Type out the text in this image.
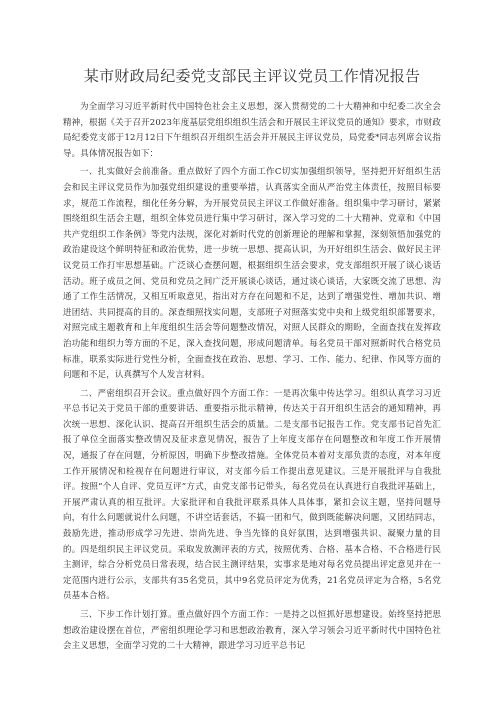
某市财政局纪委党支部民主评议党员工作情况报告

为全面学习习近平新时代中国特色社会主义思想，深入贯彻党的二十大精神和中纪委二次全会精神，根据《关于召开2023年度基层党组织组织生活会和开展民主评议党员的通知》要求，市财政局纪委党支部于12月12日下午组织召开组织生活会并开展民主评议党员，局党委*同志列席会议指导。具体情况报告如下：

一、扎实做好会前准备。重点做好了四个方面工作C切实加强组织领导，坚持把开好组织生活会和民主评议党员作为加强党组织建设的重要举措，认真落实全面从严治党主体责任，按照目标要求，规范工作流程，细化任务分解，为开展党员民主评议工作做好准备。组织集中学习研讨，紧紧围绕组织生活会主题，组织全体党员进行集中学习研讨，深入学习党的二十大精神、党章和《中国共产党组织工作条例》等党内法规，深化对新时代党的创新理论的理解和掌握，深刻领悟加强党的政治建设这个鲜明特征和政治优势，进一步统一思想、提高认识，为开好组织生活会、做好民主评议党员工作打牢思想基础。广泛谈心查摆问题，根据组织生活会要求，党支部组织开展了谈心谈话活动。班子成员之间、党员和党员之间广泛开展谈心谈话，通过谈心谈话，大家既交流了思想、沟通了工作生活情况，又相互听取意见，指出对方存在问题和不足，达到了增强党性、增加共识、增进团结、共同提高的目的。深查细照找实问题，支部班子对照落实党中央和上级党组织部署要求，对照完成主题教育和上年度组织生活会等问题整改情况，对照人民群众的期盼，全面查找在发挥政治功能和组织力等方面的不足，深入查找问题，形成问题清单。每名党员干部对照新时代合格党员标准，联系实际进行党性分析，全面查找在政治、思想、学习、工作、能力、纪律、作风等方面的问题和不足，认真撰写个人发言材料。

二、严密组织召开会议。重点做好四个方面工作：一是再次集中传达学习。组织认真学习习近平总书记关于党员干部的重要讲话、重要指示批示精神，传达关于召开组织生活会的通知精神，再次统一思想、深化认识、提高召开组织生活会的质量。二是支部书记报告工作。党支部书记首先汇报了单位全面落实整改情况及征求意见情况，报告了上年度支部存在问题整改和年度工作开展情况，通报了存在问题，分析原因，明确下步整改措施。全体党员本着对支部负责的态度，对本年度工作开展情况和检视存在问题进行审议，对支部今后工作提出意见建议。三是开展批评与自我批评。按照“个人自评、党员互评”方式，由党支部书记带头，每名党员在认真进行自我批评基础上，开展严肃认真的相互批评。大家批评和自我批评联系具体人具体事，紧扣会议主题，坚持问题导向，有什么问题就说什么问题，不讲空话套话，不搞一团和气，做到既能解决问题，又团结同志，鼓励先进，推动形成学习先进、崇尚先进、争当先锋的良好氛围，达到增强共识、凝聚力量的目的。四是组织民主评议党员。采取发放测评表的方式，按照优秀、合格、基本合格、不合格进行民主测评，综合分析党员日常表现，结合民主测评结果，实事求是地对每名党员提出评定意见并在一定范围内进行公示，支部共有35名党员，其中9名党员评定为优秀，21名党员评定为合格，5名党员基本合格。

三、下步工作计划打算。重点做好四个方面工作：一是持之以恒抓好思想建设。始终坚持把思想政治建设摆在首位，严密组织理论学习和思想政治教育，深入学习领会习近平新时代中国特色社会主义思想，全面学习党的二十大精神，跟进学习习近平总书记
